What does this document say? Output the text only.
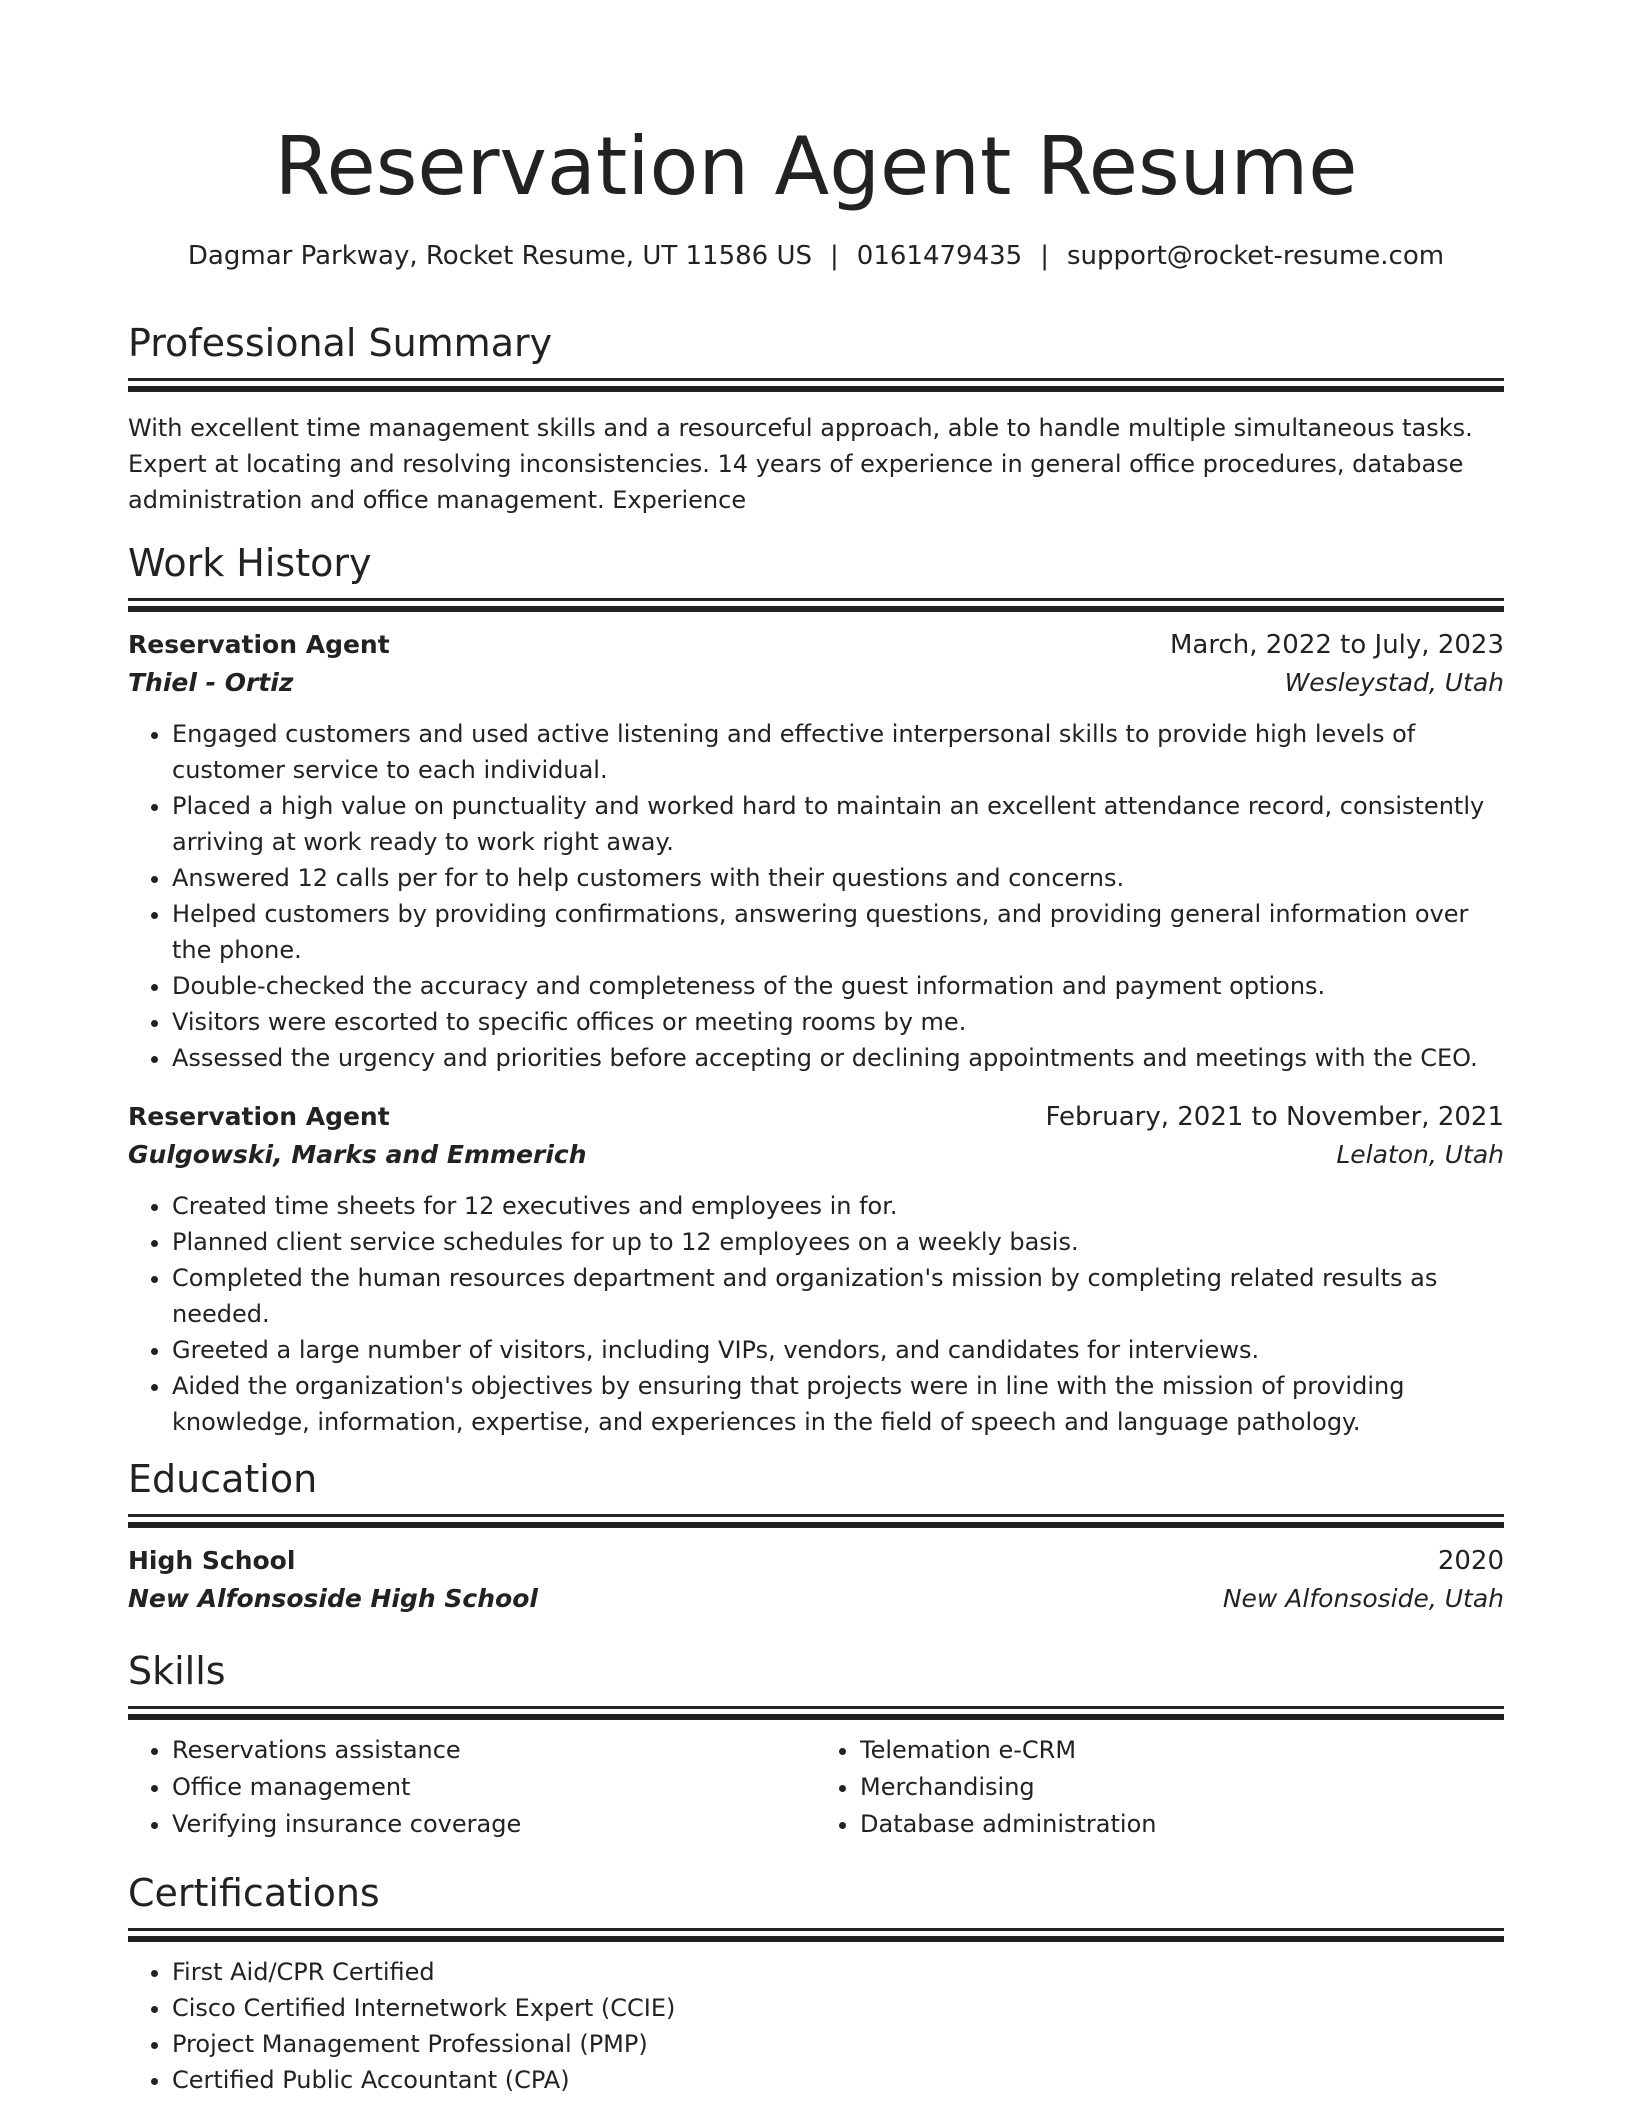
Reservation Agent Resume
Dagmar Parkway, Rocket Resume, UT 11586 US | 0161479435 | support@rocket-resume.com
Professional Summary

With excellent time management skills and a resourceful approach, able to handle multiple simultaneous tasks. Expert at locating and resolving inconsistencies. 14 years of experience in general office procedures, database administration and office management. Experience

Work History
Reservation Agent	March, 2022 to July, 2023
Thiel - Ortiz	Wesleystad, Utah
• Engaged customers and used active listening and effective interpersonal skills to provide high levels of customer service to each individual.
• Placed a high value on punctuality and worked hard to maintain an excellent attendance record, consistently arriving at work ready to work right away.
• Answered 12 calls per for to help customers with their questions and concerns.
• Helped customers by providing confirmations, answering questions, and providing general information over the phone.
• Double-checked the accuracy and completeness of the guest information and payment options.
• Visitors were escorted to specific offices or meeting rooms by me.
• Assessed the urgency and priorities before accepting or declining appointments and meetings with the CEO.
Reservation Agent	February, 2021 to November, 2021
Gulgowski, Marks and Emmerich	Lelaton, Utah
• Created time sheets for 12 executives and employees in for.
• Planned client service schedules for up to 12 employees on a weekly basis.
• Completed the human resources department and organization's mission by completing related results as needed.
• Greeted a large number of visitors, including VIPs, vendors, and candidates for interviews.
• Aided the organization's objectives by ensuring that projects were in line with the mission of providing knowledge, information, expertise, and experiences in the field of speech and language pathology.
Education
High School	2020
New Alfonsoside High School	New Alfonsoside, Utah
Skills
• Reservations assistance
• Office management
• Verifying insurance coverage
• Telemation e-CRM
• Merchandising
• Database administration
Certifications
• First Aid/CPR Certified
• Cisco Certified Internetwork Expert (CCIE)
• Project Management Professional (PMP)
• Certified Public Accountant (CPA)
